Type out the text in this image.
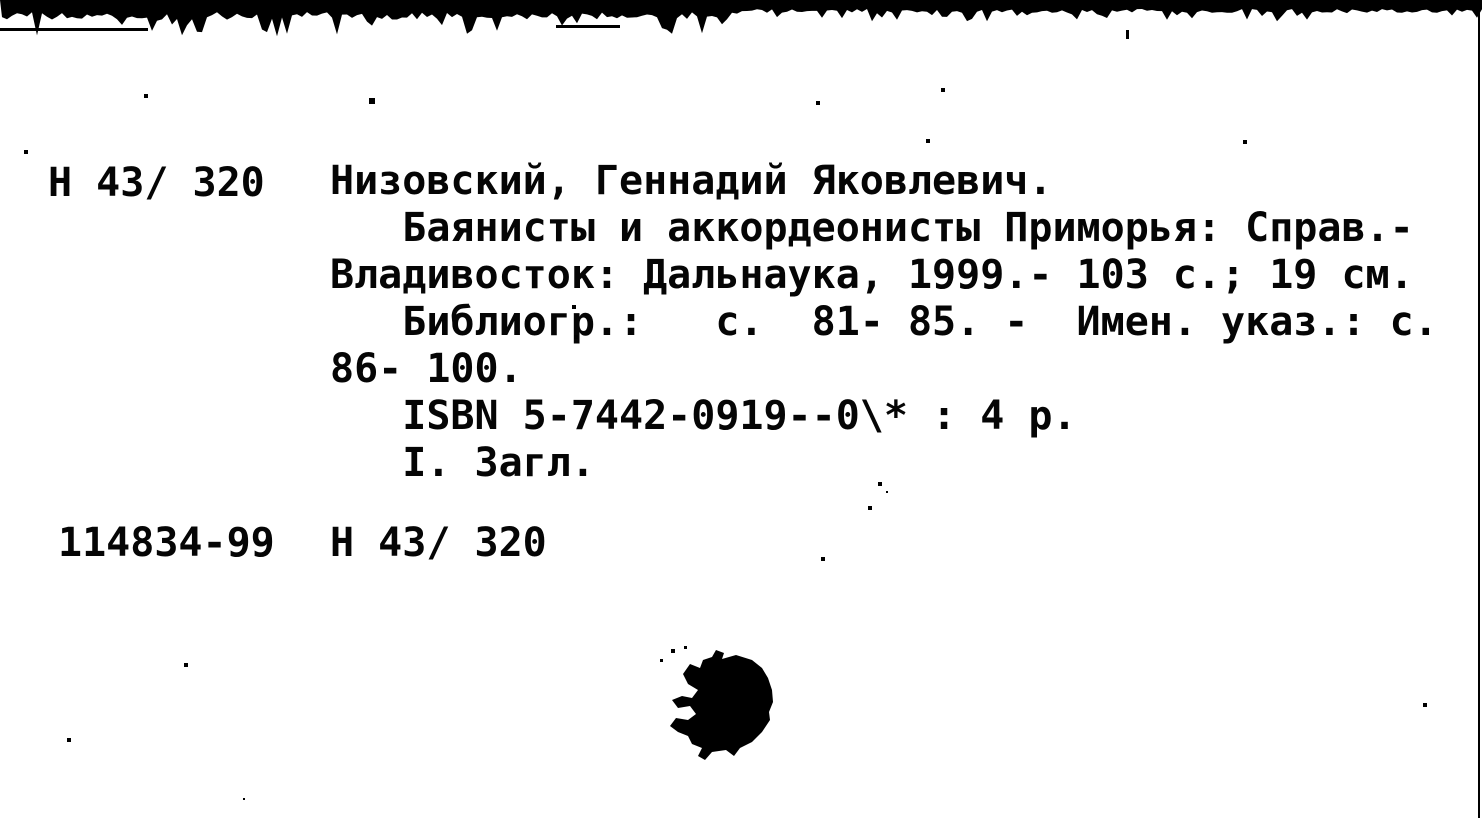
Н 43/ 320 Низовский, Геннадий Яковлевич.
Баянисты и аккордеонисты Приморья: Справ.-
Владивосток: Дальнаука, 1999.- 103 с.; 19 см.
Библиогр.:   с.  81- 85. -  Имен. указ.: с.
86- 100.
ISBN 5-7442-0919--0\* : 4 р.
I. Загл.
114834-99 Н 43/ 320
